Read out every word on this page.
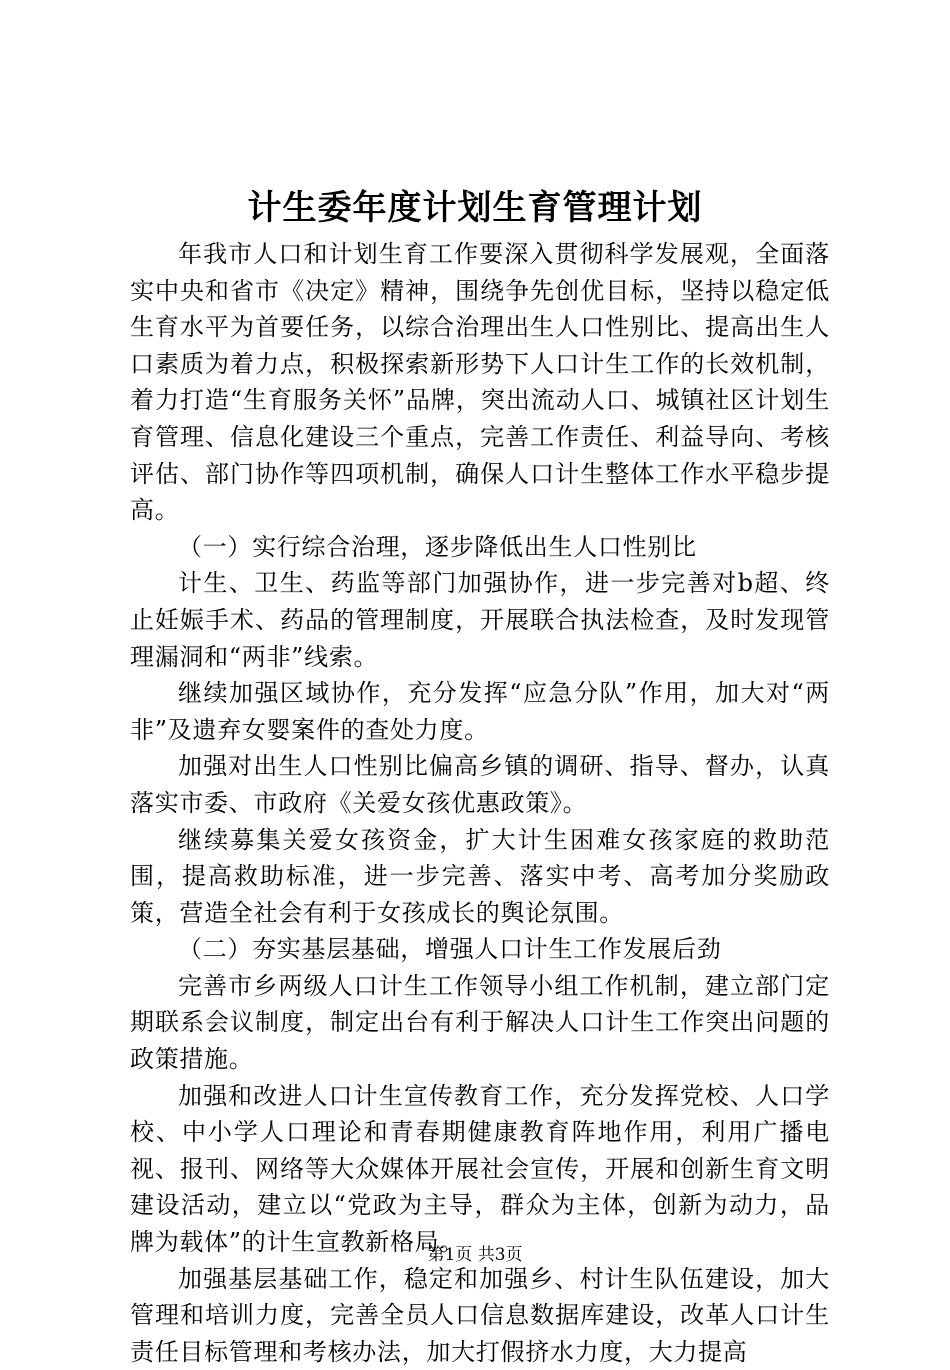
计生委年度计划生育管理计划

年我市人口和计划生育工作要深入贯彻科学发展观，全面落实中央和省市《决定》精神，围绕争先创优目标，坚持以稳定低生育水平为首要任务，以综合治理出生人口性别比、提高出生人口素质为着力点，积极探索新形势下人口计生工作的长效机制，着力打造“生育服务关怀”品牌，突出流动人口、城镇社区计划生育管理、信息化建设三个重点，完善工作责任、利益导向、考核评估、部门协作等四项机制，确保人口计生整体工作水平稳步提高。

（一）实行综合治理，逐步降低出生人口性别比

计生、卫生、药监等部门加强协作，进一步完善对b超、终止妊娠手术、药品的管理制度，开展联合执法检查，及时发现管理漏洞和“两非”线索。

继续加强区域协作，充分发挥“应急分队”作用，加大对“两非”及遗弃女婴案件的查处力度。

加强对出生人口性别比偏高乡镇的调研、指导、督办，认真落实市委、市政府《关爱女孩优惠政策》。

继续募集关爱女孩资金，扩大计生困难女孩家庭的救助范围，提高救助标准，进一步完善、落实中考、高考加分奖励政策，营造全社会有利于女孩成长的舆论氛围。

（二）夯实基层基础，增强人口计生工作发展后劲

完善市乡两级人口计生工作领导小组工作机制，建立部门定期联系会议制度，制定出台有利于解决人口计生工作突出问题的政策措施。

加强和改进人口计生宣传教育工作，充分发挥党校、人口学校、中小学人口理论和青春期健康教育阵地作用，利用广播电视、报刊、网络等大众媒体开展社会宣传，开展和创新生育文明建设活动，建立以“党政为主导，群众为主体，创新为动力，品牌为载体”的计生宣教新格局。

加强基层基础工作，稳定和加强乡、村计生队伍建设，加大管理和培训力度，完善全员人口信息数据库建设，改革人口计生责任目标管理和考核办法，加大打假挤水力度，大力提高

第1页 共3页
